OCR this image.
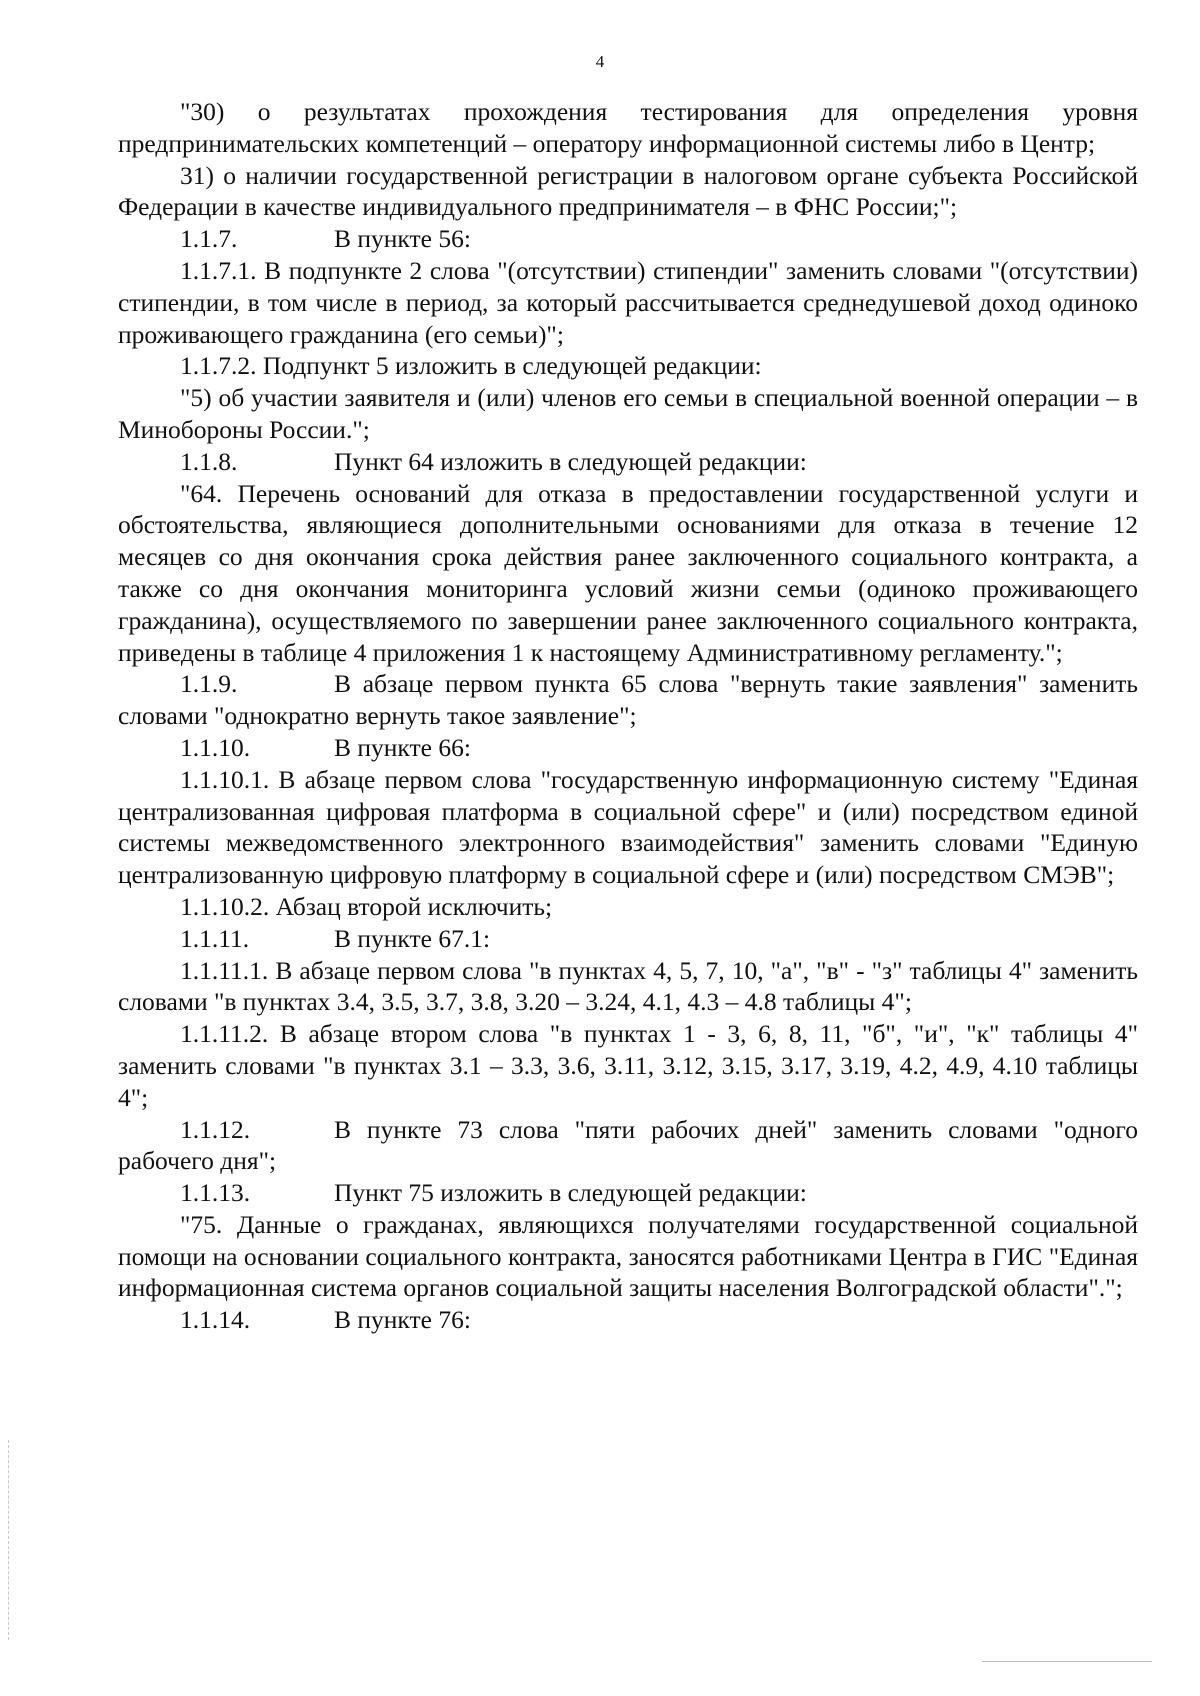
4

"30) о результатах прохождения тестирования для определения уровня предпринимательских компетенций – оператору информационной системы либо в Центр;

31) о наличии государственной регистрации в налоговом органе субъекта Российской Федерации в качестве индивидуального предпринимателя – в ФНС России;";

1.1.7.	В пункте 56:

1.1.7.1. В подпункте 2 слова "(отсутствии) стипендии" заменить словами "(отсутствии) стипендии, в том числе в период, за который рассчитывается среднедушевой доход одиноко проживающего гражданина (его семьи)";

1.1.7.2. Подпункт 5 изложить в следующей редакции:

"5) об участии заявителя и (или) членов его семьи в специальной военной операции – в Минобороны России.";

1.1.8.	Пункт 64 изложить в следующей редакции:

"64. Перечень оснований для отказа в предоставлении государственной услуги и обстоятельства, являющиеся дополнительными основаниями для отказа в течение 12 месяцев со дня окончания срока действия ранее заключенного социального контракта, а также со дня окончания мониторинга условий жизни семьи (одиноко проживающего гражданина), осуществляемого по завершении ранее заключенного социального контракта, приведены в таблице 4 приложения 1 к настоящему Административному регламенту.";

1.1.9.	В абзаце первом пункта 65 слова "вернуть такие заявления" заменить словами "однократно вернуть такое заявление";

1.1.10.	В пункте 66:

1.1.10.1. В абзаце первом слова "государственную информационную систему "Единая централизованная цифровая платформа в социальной сфере" и (или) посредством единой системы межведомственного электронного взаимодействия" заменить словами "Единую централизованную цифровую платформу в социальной сфере и (или) посредством СМЭВ";

1.1.10.2. Абзац второй исключить;

1.1.11.	В пункте 67.1:

1.1.11.1. В абзаце первом слова "в пунктах 4, 5, 7, 10, "а", "в" - "з" таблицы 4" заменить словами "в пунктах 3.4, 3.5, 3.7, 3.8, 3.20 – 3.24, 4.1, 4.3 – 4.8 таблицы 4";

1.1.11.2. В абзаце втором слова "в пунктах 1 - 3, 6, 8, 11, "б", "и", "к" таблицы 4" заменить словами "в пунктах 3.1 – 3.3, 3.6, 3.11, 3.12, 3.15, 3.17, 3.19, 4.2, 4.9, 4.10 таблицы 4";

1.1.12.	В пункте 73 слова "пяти рабочих дней" заменить словами "одного рабочего дня";

1.1.13.	Пункт 75 изложить в следующей редакции:

"75. Данные о гражданах, являющихся получателями государственной социальной помощи на основании социального контракта, заносятся работниками Центра в ГИС "Единая информационная система органов социальной защиты населения Волгоградской области".";

1.1.14.	В пункте 76:
